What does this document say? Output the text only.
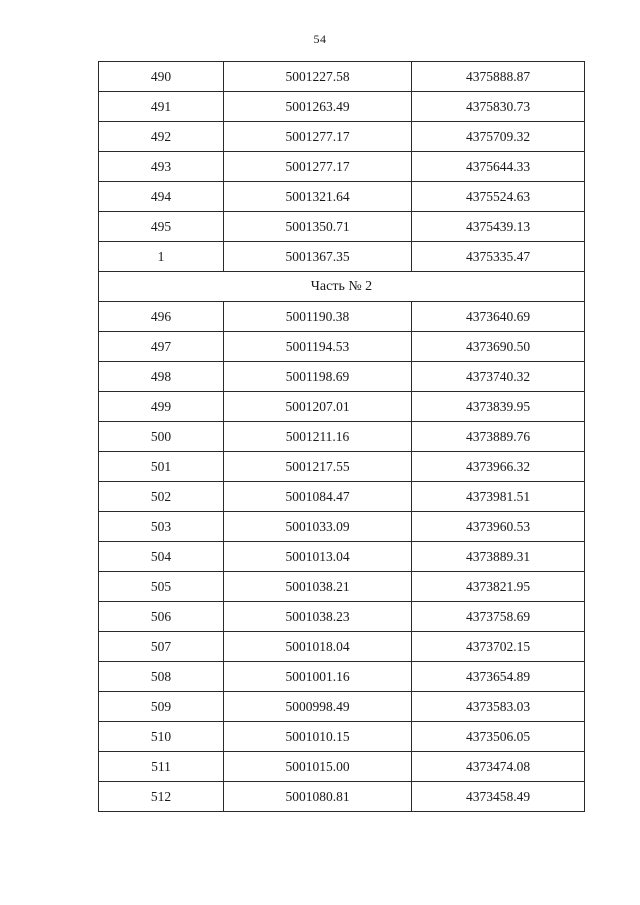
54
490	5001227.58	4375888.87
491	5001263.49	4375830.73
492	5001277.17	4375709.32
493	5001277.17	4375644.33
494	5001321.64	4375524.63
495	5001350.71	4375439.13
1	5001367.35	4375335.47
Часть № 2		
496	5001190.38	4373640.69
497	5001194.53	4373690.50
498	5001198.69	4373740.32
499	5001207.01	4373839.95
500	5001211.16	4373889.76
501	5001217.55	4373966.32
502	5001084.47	4373981.51
503	5001033.09	4373960.53
504	5001013.04	4373889.31
505	5001038.21	4373821.95
506	5001038.23	4373758.69
507	5001018.04	4373702.15
508	5001001.16	4373654.89
509	5000998.49	4373583.03
510	5001010.15	4373506.05
511	5001015.00	4373474.08
512	5001080.81	4373458.49
